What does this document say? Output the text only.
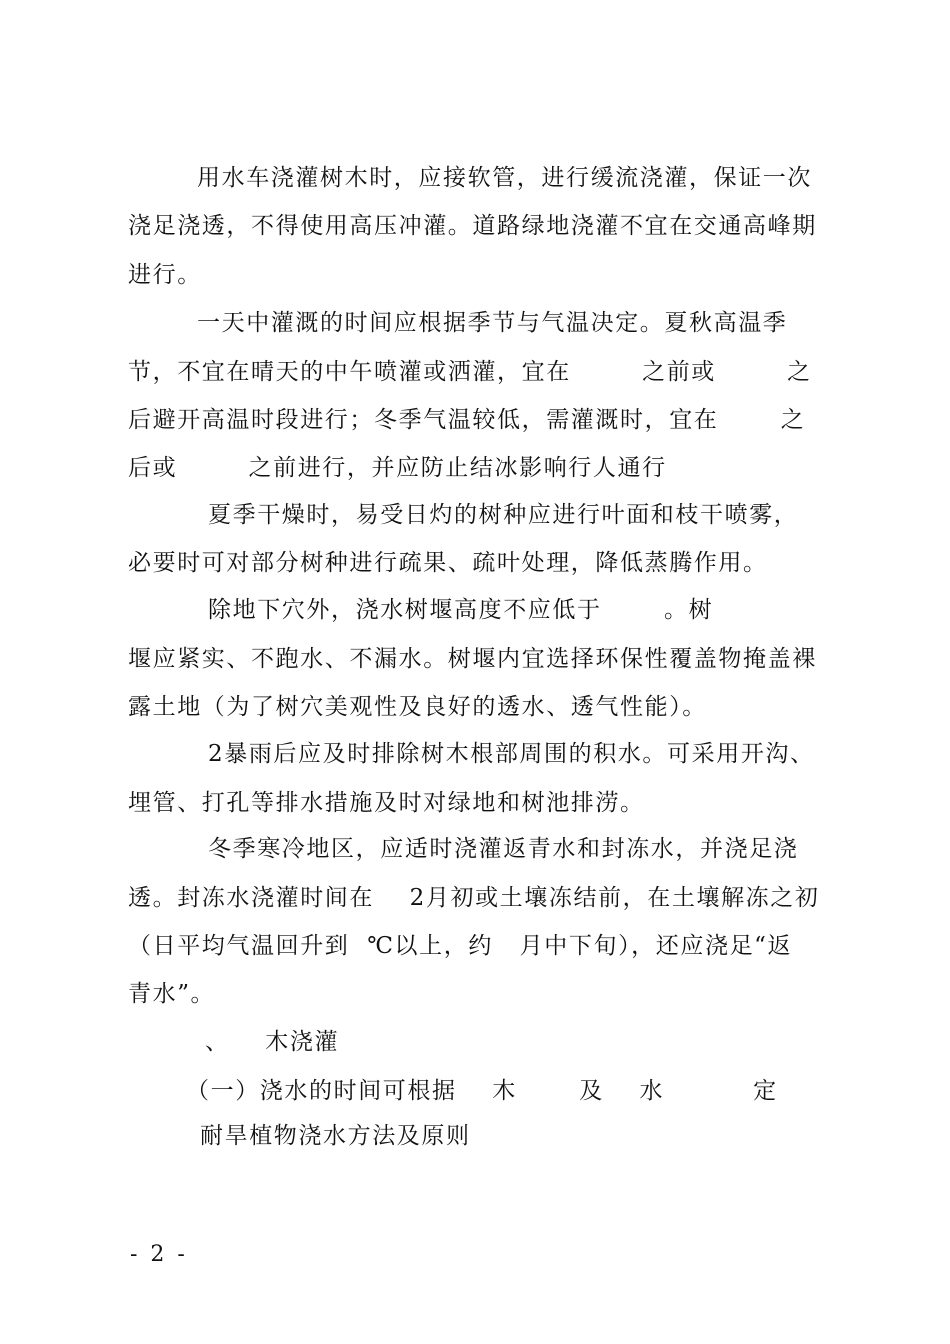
用水车浇灌树木时，应接软管，进行缓流浇灌，保证一次
浇足浇透，不得使用高压冲灌。道路绿地浇灌不宜在交通高峰期
进行。
一天中灌溉的时间应根据季节与气温决定。夏秋高温季
节，不宜在晴天的中午喷灌或洒灌，宜在        之前或        之
后避开高温时段进行；冬季气温较低，需灌溉时，宜在       之
后或        之前进行，并应防止结冰影响行人通行
夏季干燥时，易受日灼的树种应进行叶面和枝干喷雾，
必要时可对部分树种进行疏果、疏叶处理，降低蒸腾作用。
除地下穴外，浇水树堰高度不应低于       。树
堰应紧实、不跑水、不漏水。树堰内宜选择环保性覆盖物掩盖裸
露土地（为了树穴美观性及良好的透水、透气性能）。
2暴雨后应及时排除树木根部周围的积水。可采用开沟、
埋管、打孔等排水措施及时对绿地和树池排涝。
冬季寒冷地区，应适时浇灌返青水和封冻水，并浇足浇
透。封冻水浇灌时间在    2月初或土壤冻结前，在土壤解冻之初
（日平均气温回升到  ℃以上，约   月中下旬），还应浇足“返
青水”。
、    木浇灌
（一）浇水的时间可根据    木       及    水          定
耐旱植物浇水方法及原则
- 2 -
